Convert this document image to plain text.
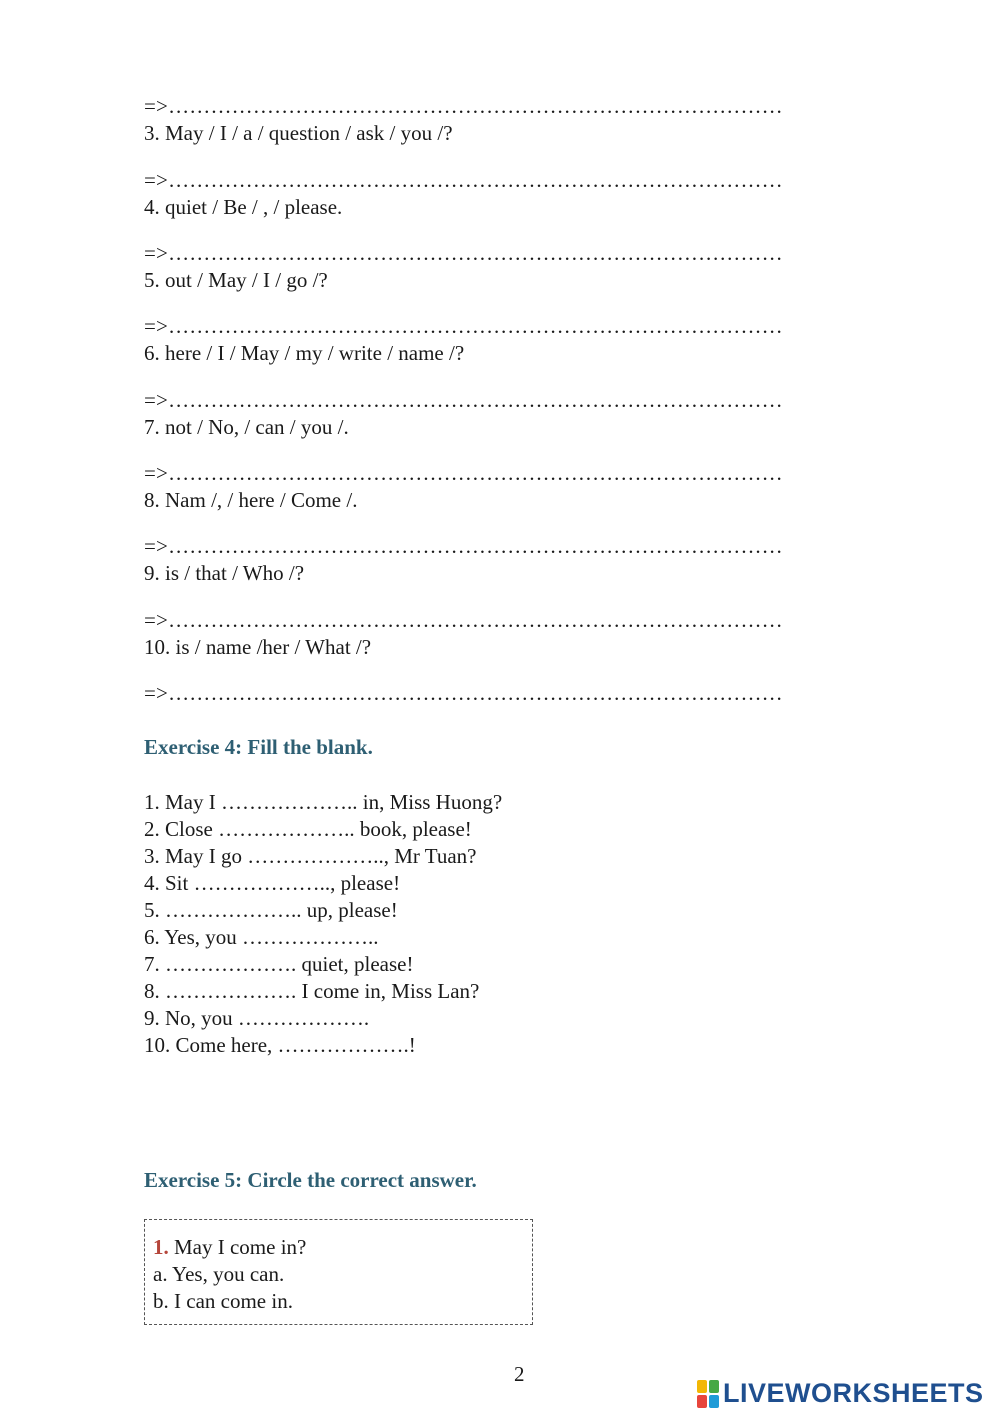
=>……………………………………………………………………………
3. May / I / a / question / ask / you /?
=>……………………………………………………………………………
4. quiet / Be / , / please.
=>……………………………………………………………………………
5. out / May / I / go /?
=>……………………………………………………………………………
6. here / I / May / my / write / name /?
=>……………………………………………………………………………
7. not / No, / can / you /.
=>……………………………………………………………………………
8. Nam /, / here / Come /.
=>……………………………………………………………………………
9. is / that / Who /?
=>……………………………………………………………………………
10. is / name /her / What /?
=>……………………………………………………………………………
Exercise 4: Fill the blank.
1. May I ……………….. in, Miss Huong?
2. Close ……………….. book, please!
3. May I go ……………….., Mr Tuan?
4. Sit ……………….., please!
5. ……………….. up, please!
6. Yes, you ………………..
7. ………………. quiet, please!
8. ………………. I come in, Miss Lan?
9. No, you ……………….
10. Come here, ……………….!
Exercise 5: Circle the correct answer.
1. May I come in?
a. Yes, you can.
b. I can come in.
2
LIVEWORKSHEETS
